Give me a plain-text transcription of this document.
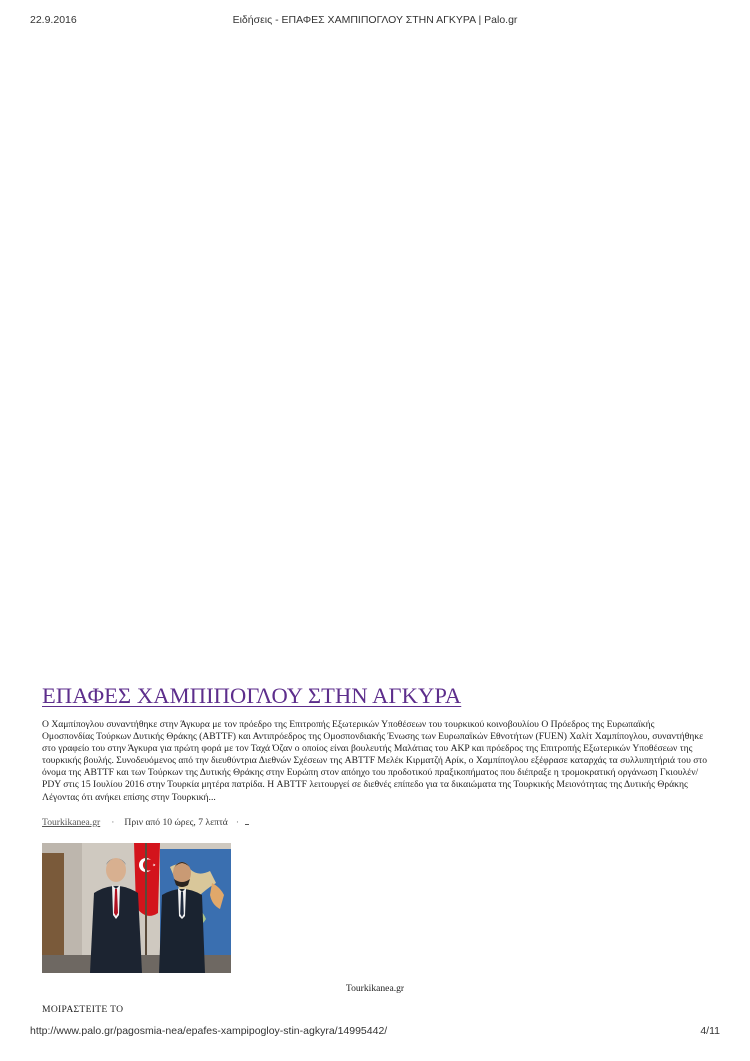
22.9.2016	Ειδήσεις - ΕΠΑΦΕΣ ΧΑΜΠΙΠΟΓΛΟΥ ΣΤΗΝ ΑΓΚΥΡΑ | Palo.gr
ΕΠΑΦΕΣ ΧΑΜΠΙΠΟΓΛΟΥ ΣΤΗΝ ΑΓΚΥΡΑ
Ο Χαμπίπογλου συναντήθηκε στην Άγκυρα με τον πρόεδρο της Επιτροπής Εξωτερικών Υποθέσεων του τουρκικού κοινοβουλίου Ο Πρόεδρος της Ευρωπαϊκής Ομοσπονδίας Τούρκων Δυτικής Θράκης (ABTTF) και Αντιπρόεδρος της Ομοσπονδιακής Ένωσης των Ευρωπαϊκών Εθνοτήτων (FUEN) Χαλίτ Χαμπίπογλου, συναντήθηκε στο γραφείο του στην Άγκυρα για πρώτη φορά με τον Ταχά Όζαν ο οποίος είναι βουλευτής Μαλάτιας του AKP και πρόεδρος της Επιτροπής Εξωτερικών Υποθέσεων της τουρκικής βουλής. Συνοδευόμενος από την διευθύντρια Διεθνών Σχέσεων της ABTTF Μελέκ Κιρματζή Αρίκ, ο Χαμπίπογλου εξέφρασε καταρχάς τα συλλυπητήριά του στο όνομα της ABTTF και των Τούρκων της Δυτικής Θράκης στην Ευρώπη στον απόηχο του προδοτικού πραξικοπήματος που διέπραξε η τρομοκρατική οργάνωση Γκιουλέν/ PDY στις 15 Ιουλίου 2016 στην Τουρκία μητέρα πατρίδα. Η ABTTF λειτουργεί σε διεθνές επίπεδο για τα δικαιώματα της Τουρκικής Μειονότητας της Δυτικής Θράκης Λέγοντας ότι ανήκει επίσης στην Τουρκική...
Tourkikanea.gr · Πριν από 10 ώρες, 7 λεπτά ·
Tourkikanea.gr
ΜΟΙΡΑΣΤΕΙΤΕ ΤΟ
http://www.palo.gr/pagosmia-nea/epafes-xampipogloy-stin-agkyra/14995442/	4/11
